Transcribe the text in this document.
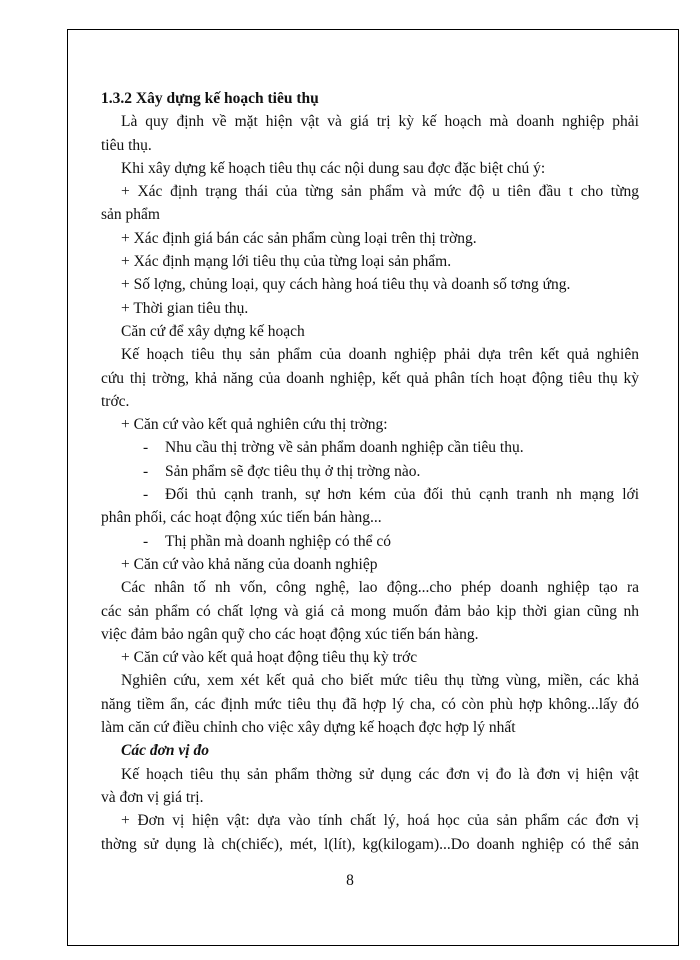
1.3.2 Xây dựng kế hoạch tiêu thụ
Là quy định về mặt hiện vật và giá trị kỳ kế hoạch mà doanh nghiệp phải
tiêu thụ.
Khi xây dựng kế hoạch tiêu thụ các nội dung sau đợc đặc biệt chú ý:
+ Xác định trạng thái của từng sản phẩm và mức độ u tiên đầu t cho từng
sản phẩm
+ Xác định giá bán các sản phẩm cùng loại trên thị trờng.
+ Xác định mạng lới tiêu thụ của từng loại sản phẩm.
+ Số lợng, chủng loại, quy cách hàng hoá tiêu thụ và doanh số tơng ứng.
+ Thời gian tiêu thụ.
Căn cứ để xây dựng kế hoạch
Kế hoạch tiêu thụ sản phẩm của doanh nghiệp phải dựa trên kết quả nghiên
cứu thị trờng, khả năng của doanh nghiệp, kết quả phân tích hoạt động tiêu thụ kỳ
trớc.
+ Căn cứ vào kết quả nghiên cứu thị trờng:
- Nhu cầu thị trờng về sản phẩm doanh nghiệp cần tiêu thụ.
- Sản phẩm sẽ đợc tiêu thụ ở thị trờng nào.
- Đối thủ cạnh tranh, sự hơn kém của đối thủ cạnh tranh nh mạng lới
phân phối, các hoạt động xúc tiến bán hàng...
- Thị phần mà doanh nghiệp có thể có
+ Căn cứ vào khả năng của doanh nghiệp
Các nhân tố nh vốn, công nghệ, lao động...cho phép doanh nghiệp tạo ra
các sản phẩm có chất lợng và giá cả mong muốn đảm bảo kịp thời gian cũng nh
việc đảm bảo ngân quỹ cho các hoạt động xúc tiến bán hàng.
+ Căn cứ vào kết quả hoạt động tiêu thụ kỳ trớc
Nghiên cứu, xem xét kết quả cho biết mức tiêu thụ từng vùng, miền, các khả
năng tiềm ẩn, các định mức tiêu thụ đã hợp lý cha, có còn phù hợp không...lấy đó
làm căn cứ điều chỉnh cho việc xây dựng kế hoạch đợc hợp lý nhất
Các đơn vị đo
Kế hoạch tiêu thụ sản phẩm thờng sử dụng các đơn vị đo là đơn vị hiện vật
và đơn vị giá trị.
+ Đơn vị hiện vật: dựa vào tính chất lý, hoá học của sản phẩm các đơn vị
thờng sử dụng là ch(chiếc), mét, l(lít), kg(kilogam)...Do doanh nghiệp có thể sản
8
